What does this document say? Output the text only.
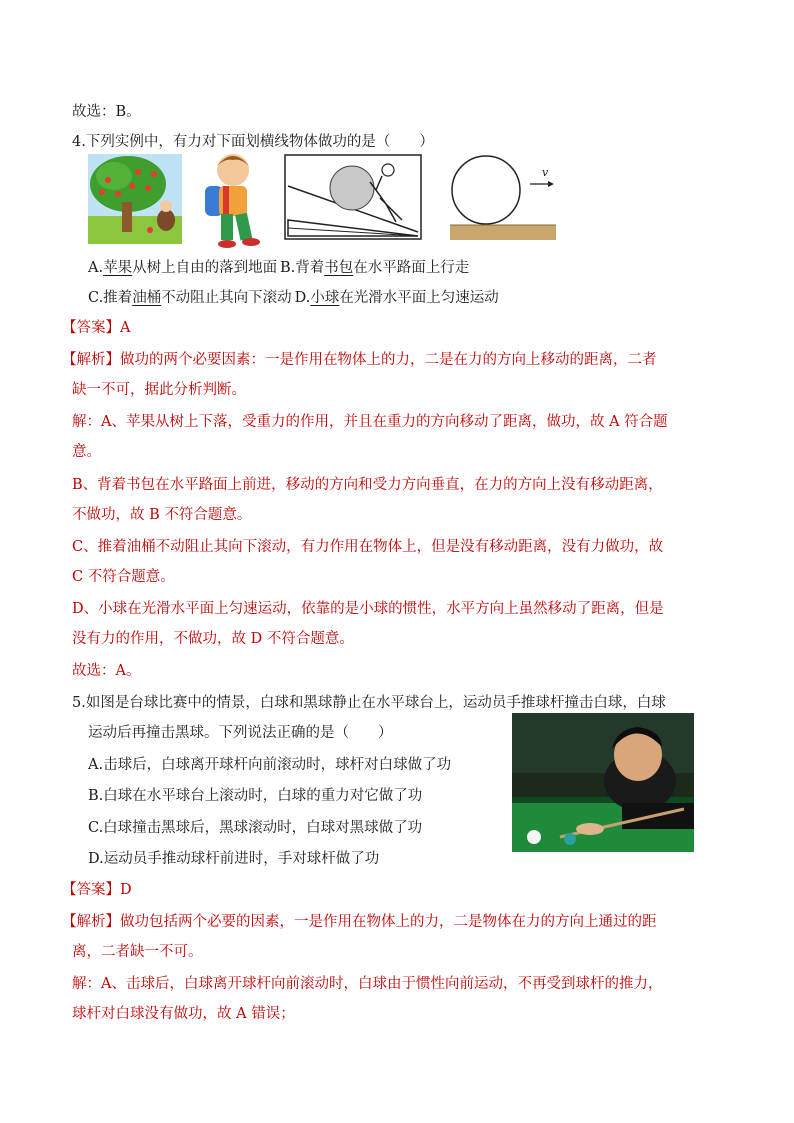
故选：B。
4.下列实例中，有力对下面划横线物体做功的是（　　）
v
A.苹果从树上自由的落到地面  B.背着书包在水平路面上行走
C.推着油桶不动阻止其向下滚动  D.小球在光滑水平面上匀速运动
【答案】A
【解析】做功的两个必要因素：一是作用在物体上的力，二是在力的方向上移动的距离，二者
缺一不可，据此分析判断。
解：A、苹果从树上下落，受重力的作用，并且在重力的方向移动了距离，做功，故 A 符合题
意。
B、背着书包在水平路面上前进，移动的方向和受力方向垂直，在力的方向上没有移动距离，
不做功，故 B 不符合题意。
C、推着油桶不动阻止其向下滚动，有力作用在物体上，但是没有移动距离，没有力做功，故
C 不符合题意。
D、小球在光滑水平面上匀速运动，依靠的是小球的惯性，水平方向上虽然移动了距离，但是
没有力的作用，不做功，故 D 不符合题意。
故选：A。
5.如图是台球比赛中的情景，白球和黑球静止在水平球台上，运动员手推球杆撞击白球，白球
运动后再撞击黑球。下列说法正确的是（　　）
A.击球后，白球离开球杆向前滚动时，球杆对白球做了功
B.白球在水平球台上滚动时，白球的重力对它做了功
C.白球撞击黑球后，黑球滚动时，白球对黑球做了功
D.运动员手推动球杆前进时，手对球杆做了功
【答案】D
【解析】做功包括两个必要的因素，一是作用在物体上的力，二是物体在力的方向上通过的距
离，二者缺一不可。
解：A、击球后，白球离开球杆向前滚动时，白球由于惯性向前运动，不再受到球杆的推力，
球杆对白球没有做功，故 A 错误；
